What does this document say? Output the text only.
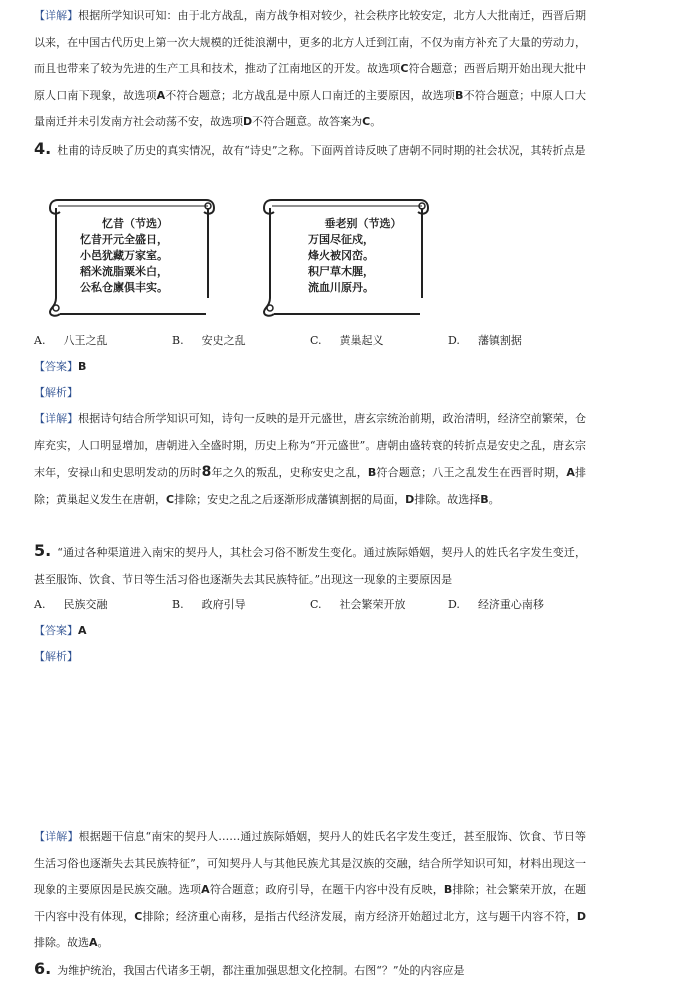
【详解】根据所学知识可知：由于北方战乱，南方战争相对较少，社会秩序比较安定，北方人大批南迁，西晋后期以来，在中国古代历史上第一次大规模的迁徙浪潮中，更多的北方人迁到江南，不仅为南方补充了大量的劳动力，而且也带来了较为先进的生产工具和技术，推动了江南地区的开发。故选项C符合题意；西晋后期开始出现大批中原人口南下现象，故选项A不符合题意；北方战乱是中原人口南迁的主要原因，故选项B不符合题意；中原人口大量南迁并未引发南方社会动荡不安，故选项D不符合题意。故答案为C。
4. 杜甫的诗反映了历史的真实情况，故有“诗史”之称。下面两首诗反映了唐朝不同时期的社会状况，其转折点是
忆昔（节选）
忆昔开元全盛日，
小邑犹藏万家室。
稻米流脂粟米白，
公私仓廪俱丰实。
垂老别（节选）
万国尽征戍，
烽火被冈峦。
积尸草木腥，
流血川原丹。
A. 八王之乱	B. 安史之乱	C. 黄巢起义	D. 藩镇割据
【答案】B
【解析】
【详解】根据诗句结合所学知识可知，诗句一反映的是开元盛世，唐玄宗统治前期，政治清明，经济空前繁荣，仓库充实，人口明显增加，唐朝进入全盛时期，历史上称为“开元盛世”。唐朝由盛转衰的转折点是安史之乱，唐玄宗末年，安禄山和史思明发动的历时8年之久的叛乱，史称安史之乱，B符合题意；八王之乱发生在西晋时期，A排除；黄巢起义发生在唐朝，C排除；安史之乱之后逐渐形成藩镇割据的局面，D排除。故选择B。
5. “通过各种渠道进入南宋的契丹人，其杜会习俗不断发生变化。通过族际婚姻，契丹人的姓氏名字发生变迁，甚至服饰、饮食、节日等生活习俗也逐渐失去其民族特征。”出现这一现象的主要原因是
A. 民族交融	B. 政府引导	C. 社会繁荣开放	D. 经济重心南移
【答案】A
【解析】
【详解】根据题干信息“南宋的契丹人……通过族际婚姻，契丹人的姓氏名字发生变迁，甚至服饰、饮食、节日等生活习俗也逐渐失去其民族特征”，可知契丹人与其他民族尤其是汉族的交融，结合所学知识可知，材料出现这一现象的主要原因是民族交融。选项A符合题意；政府引导，在题干内容中没有反映，B排除；社会繁荣开放，在题干内容中没有体现，C排除；经济重心南移，是指古代经济发展，南方经济开始超过北方，这与题干内容不符，D排除。故选A。
6. 为维护统治，我国古代诸多王朝，都注重加强思想文化控制。右图“？”处的内容应是
